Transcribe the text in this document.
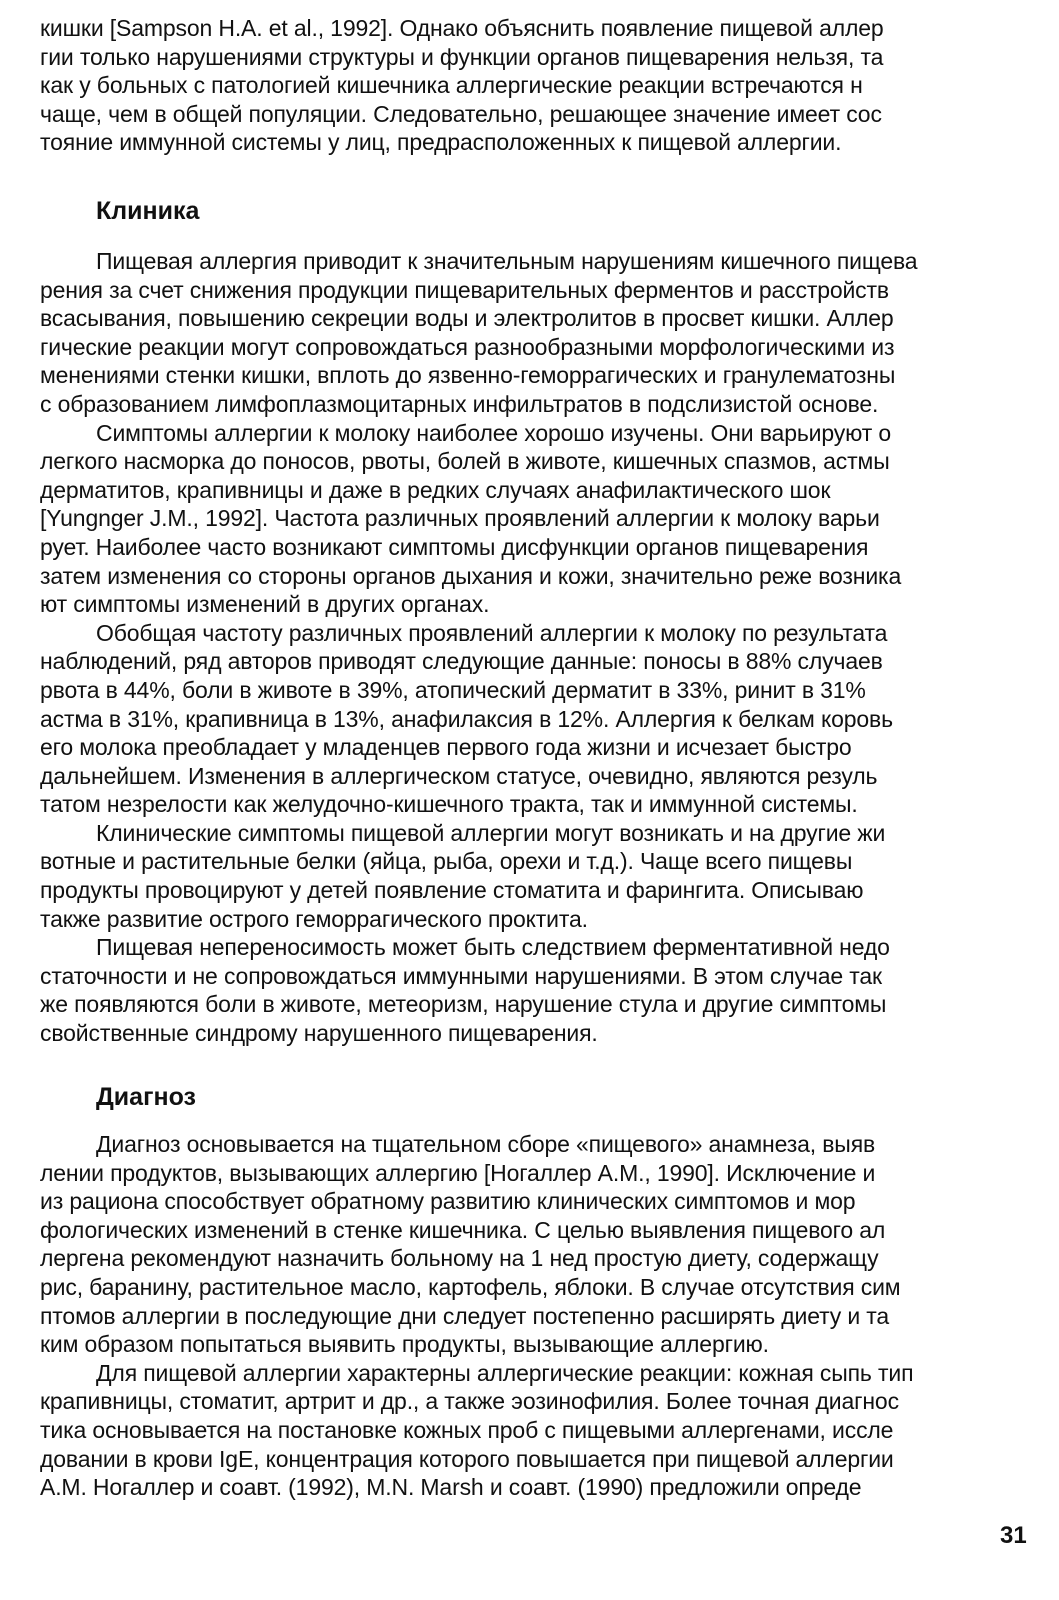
кишки [Sampson H.A. et al., 1992]. Однако объяснить появление пищевой аллер
гии только нарушениями структуры и функции органов пищеварения нельзя, та
как у больных с патологией кишечника аллергические реакции встречаются н
чаще, чем в общей популяции. Следовательно, решающее значение имеет сос
тояние иммунной системы у лиц, предрасположенных к пищевой аллергии.
Клиника
Пищевая аллергия приводит к значительным нарушениям кишечного пищева
рения за счет снижения продукции пищеварительных ферментов и расстройств
всасывания, повышению секреции воды и электролитов в просвет кишки. Аллер
гические реакции могут сопровождаться разнообразными морфологическими из
менениями стенки кишки, вплоть до язвенно-геморрагических и гранулематозны
с образованием лимфоплазмоцитарных инфильтратов в подслизистой основе.
Симптомы аллергии к молоку наиболее хорошо изучены. Они варьируют о
легкого насморка до поносов, рвоты, болей в животе, кишечных спазмов, астмы
дерматитов, крапивницы и даже в редких случаях анафилактического шок
[Yungnger J.M., 1992]. Частота различных проявлений аллергии к молоку варьи
рует. Наиболее часто возникают симптомы дисфункции органов пищеварения
затем изменения со стороны органов дыхания и кожи, значительно реже возника
ют симптомы изменений в других органах.
Обобщая частоту различных проявлений аллергии к молоку по результата
наблюдений, ряд авторов приводят следующие данные: поносы в 88% случаев
рвота в 44%, боли в животе в 39%, атопический дерматит в 33%, ринит в 31%
астма в 31%, крапивница в 13%, анафилаксия в 12%. Аллергия к белкам коровь
его молока преобладает у младенцев первого года жизни и исчезает быстро
дальнейшем. Изменения в аллергическом статусе, очевидно, являются резуль
татом незрелости как желудочно-кишечного тракта, так и иммунной системы.
Клинические симптомы пищевой аллергии могут возникать и на другие жи
вотные и растительные белки (яйца, рыба, орехи и т.д.). Чаще всего пищевы
продукты провоцируют у детей появление стоматита и фарингита. Описываю
также развитие острого геморрагического проктита.
Пищевая непереносимость может быть следствием ферментативной недо
статочности и не сопровождаться иммунными нарушениями. В этом случае так
же появляются боли в животе, метеоризм, нарушение стула и другие симптомы
свойственные синдрому нарушенного пищеварения.
Диагноз
Диагноз основывается на тщательном сборе «пищевого» анамнеза, выяв
лении продуктов, вызывающих аллергию [Ногаллер А.М., 1990]. Исключение и
из рациона способствует обратному развитию клинических симптомов и мор
фологических изменений в стенке кишечника. С целью выявления пищевого ал
лергена рекомендуют назначить больному на 1 нед простую диету, содержащу
рис, баранину, растительное масло, картофель, яблоки. В случае отсутствия сим
птомов аллергии в последующие дни следует постепенно расширять диету и та
ким образом попытаться выявить продукты, вызывающие аллергию.
Для пищевой аллергии характерны аллергические реакции: кожная сыпь тип
крапивницы, стоматит, артрит и др., а также эозинофилия. Более точная диагнос
тика основывается на постановке кожных проб с пищевыми аллергенами, иссле
довании в крови IgE, концентрация которого повышается при пищевой аллергии
А.М. Ногаллер и соавт. (1992), M.N. Marsh и соавт. (1990) предложили опреде
31
